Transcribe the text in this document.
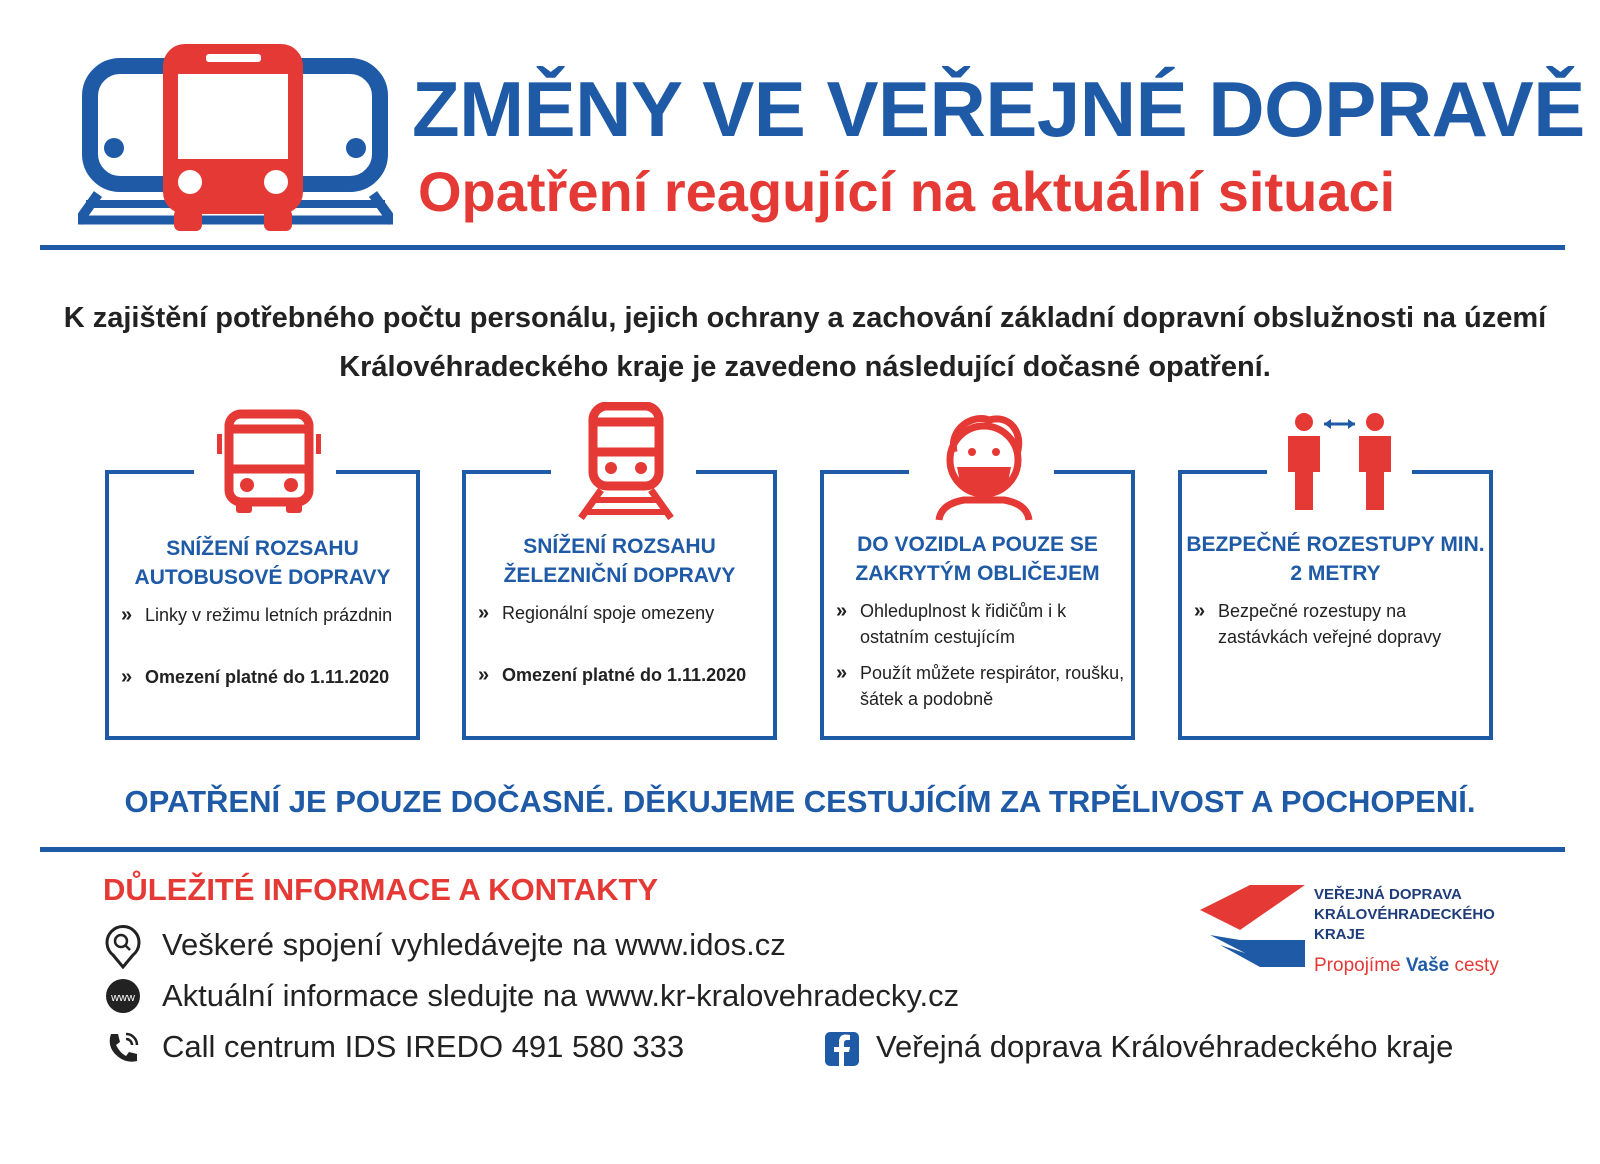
ZMĚNY VE VEŘEJNÉ DOPRAVĚ
Opatření reagující na aktuální situaci
K zajištění potřebného počtu personálu, jejich ochrany a zachování základní dopravní obslužnosti na území Královéhradeckého kraje je zavedeno následující dočasné opatření.
SNÍŽENÍ ROZSAHU AUTOBUSOVÉ DOPRAVY
» Linky v režimu letních prázdnin
» Omezení platné do 1.11.2020
SNÍŽENÍ ROZSAHU ŽELEZNIČNÍ DOPRAVY
» Regionální spoje omezeny
» Omezení platné do 1.11.2020
DO VOZIDLA POUZE SE ZAKRYTÝM OBLIČEJEM
» Ohleduplnost k řidičům i k ostatním cestujícím
» Použít můžete respirátor, roušku, šátek a podobně
BEZPEČNÉ ROZESTUPY MIN. 2 METRY
» Bezpečné rozestupy na zastávkách veřejné dopravy
OPATŘENÍ JE POUZE DOČASNÉ. DĚKUJEME CESTUJÍCÍM ZA TRPĚLIVOST A POCHOPENÍ.
DŮLEŽITÉ INFORMACE A KONTAKTY
Veškeré spojení vyhledávejte na www.idos.cz
www Aktuální informace sledujte na www.kr-kralovehradecky.cz
Call centrum IDS IREDO 491 580 333	Veřejná doprava Královéhradeckého kraje
VEŘEJNÁ DOPRAVA
KRÁLOVÉHRADECKÉHO
KRAJE
Propojíme Vaše cesty
